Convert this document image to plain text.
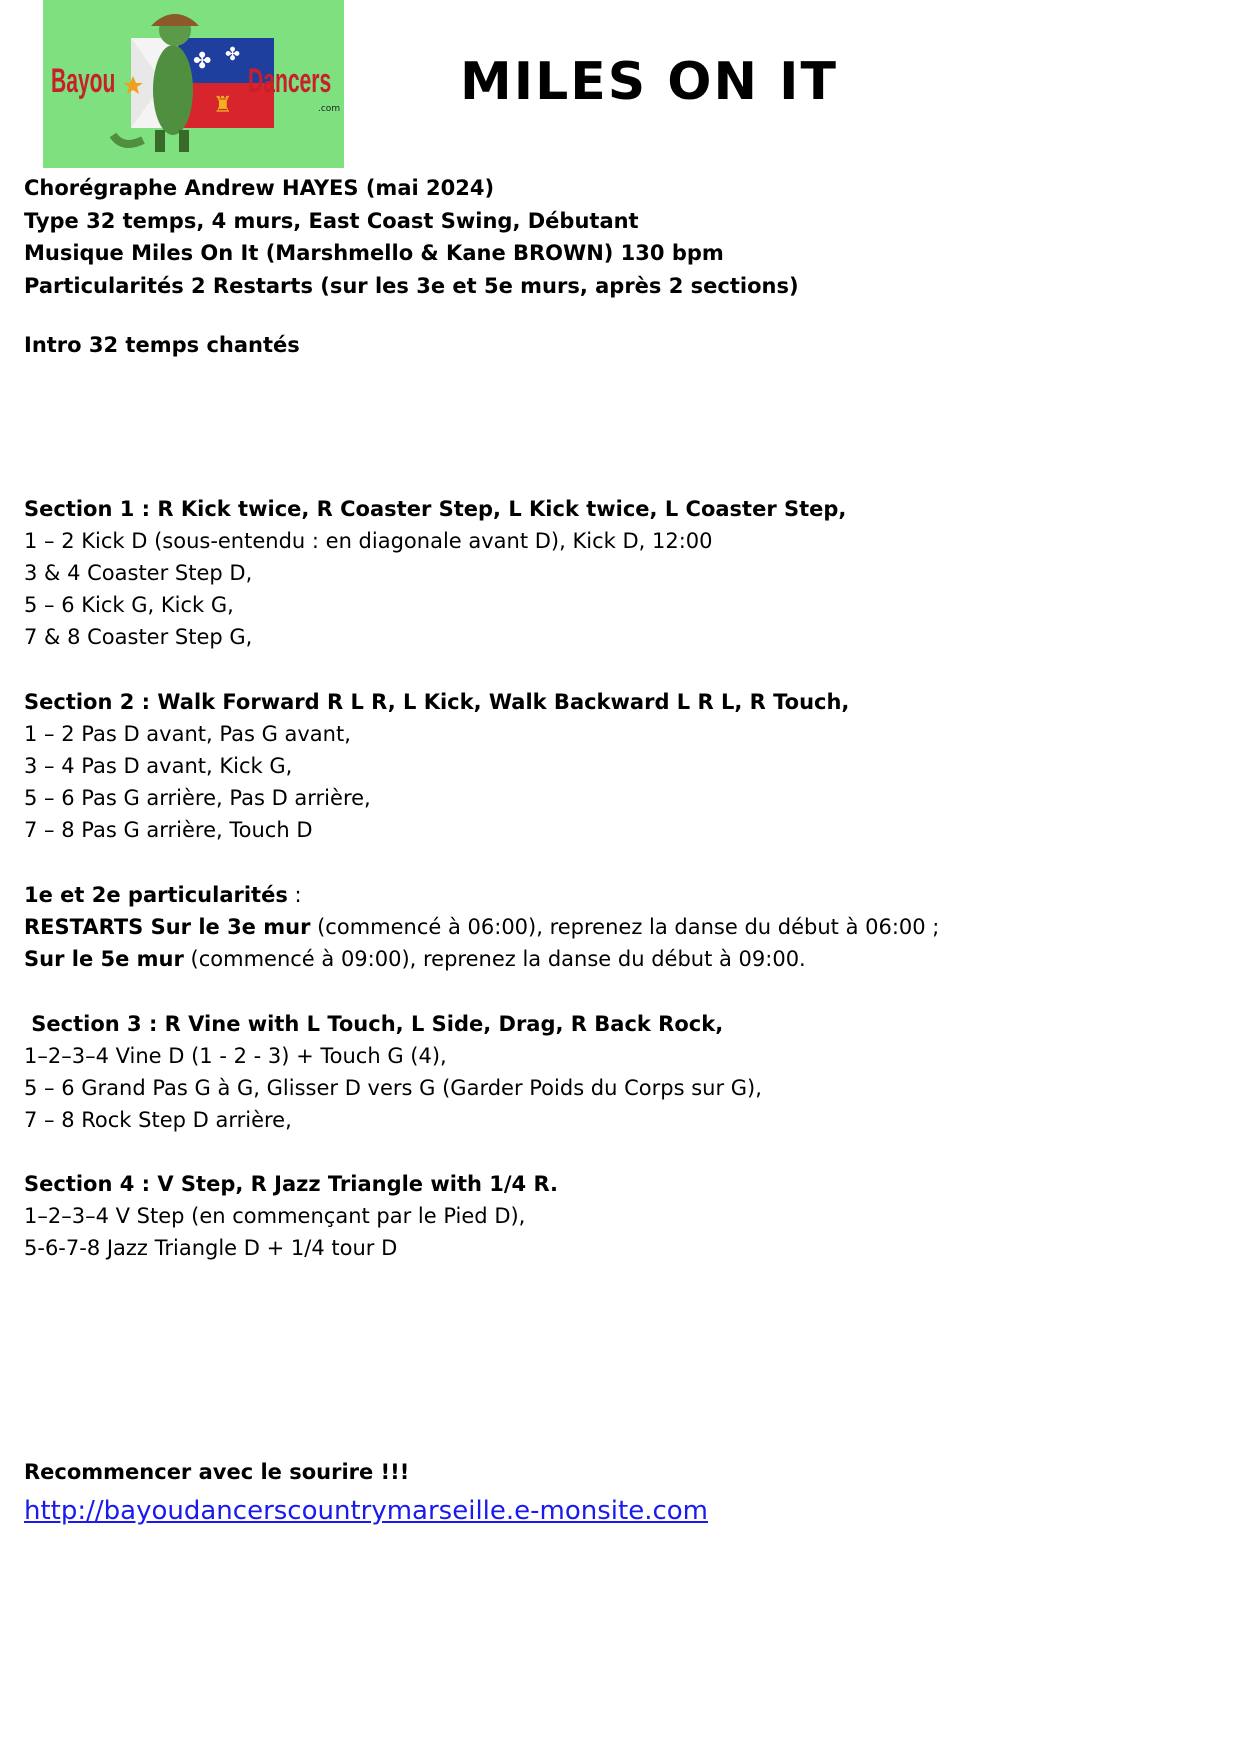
✤ ✤
♜
Bayou	Dancers
.com MILES ON IT
Chorégraphe Andrew HAYES (mai 2024)
Type 32 temps, 4 murs, East Coast Swing, Débutant
Musique Miles On It (Marshmello & Kane BROWN) 130 bpm
Particularités 2 Restarts (sur les 3e et 5e murs, après 2 sections)
Intro 32 temps chantés
Section 1 : R Kick twice, R Coaster Step, L Kick twice, L Coaster Step,
1 – 2 Kick D (sous-entendu : en diagonale avant D), Kick D, 12:00
3 & 4 Coaster Step D,
5 – 6 Kick G, Kick G,
7 & 8 Coaster Step G,
Section 2 : Walk Forward R L R, L Kick, Walk Backward L R L, R Touch,
1 – 2 Pas D avant, Pas G avant,
3 – 4 Pas D avant, Kick G,
5 – 6 Pas G arrière, Pas D arrière,
7 – 8 Pas G arrière, Touch D
1e et 2e particularités :
RESTARTS Sur le 3e mur (commencé à 06:00), reprenez la danse du début à 06:00 ;
Sur le 5e mur (commencé à 09:00), reprenez la danse du début à 09:00.
Section 3 : R Vine with L Touch, L Side, Drag, R Back Rock,
1–2–3–4 Vine D (1 - 2 - 3) + Touch G (4),
5 – 6 Grand Pas G à G, Glisser D vers G (Garder Poids du Corps sur G),
7 – 8 Rock Step D arrière,
Section 4 : V Step, R Jazz Triangle with 1/4 R.
1–2–3–4 V Step (en commençant par le Pied D),
5-6-7-8 Jazz Triangle D + 1/4 tour D
Recommencer avec le sourire !!!
http://bayoudancerscountrymarseille.e-monsite.com
